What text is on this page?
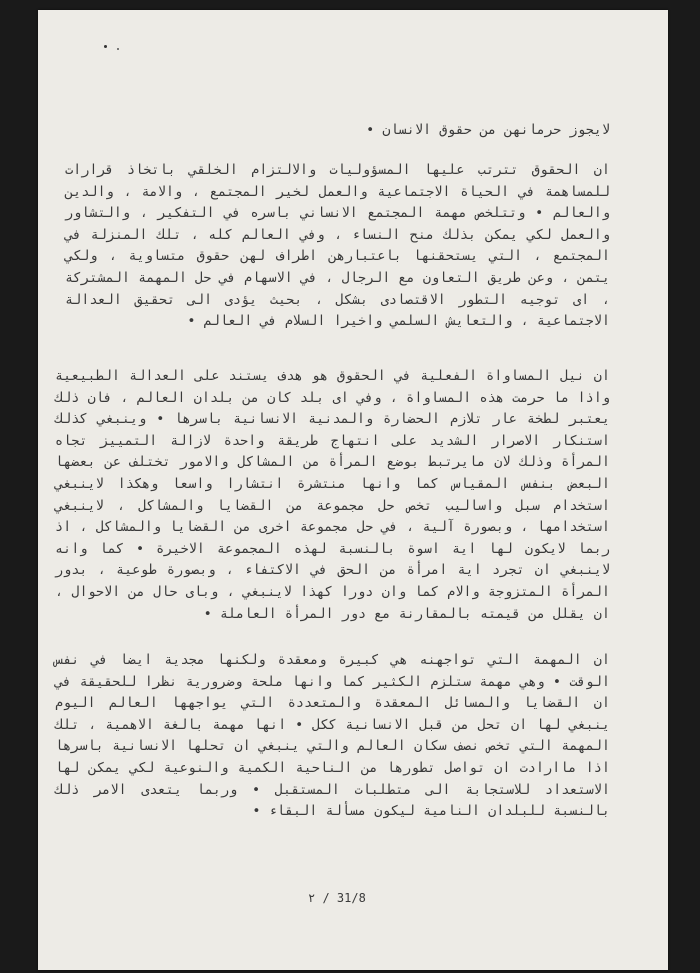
لايجوز حرمانهن من حقوق الانسان •

ان الحقوق تترتب عليها المسؤوليات والالتزام الخلقي باتخاذ قرارات للمساهمة في الحياة الاجتماعية والعمل لخير المجتمع ، والامة ، والدين والعالم • وتتلخص مهمة المجتمع الانساني باسره في التفكير ، والتشاور والعمل لكي يمكن بذلك منح النساء ، وفي العالم كله ، تلك المنزلة في المجتمع ، التي يستحقنها باعتبارهن اطراف لهن حقوق متساوية ، ولكي يتمن ، وعن طريق التعاون مع الرجال ، في الاسهام في حل المهمة المشتركة ، اى توجيه التطور الاقتصادى بشكل ، بحيث يؤدى الى تحقيق العدالة الاجتماعية ، والتعايش السلمي واخيرا السلام في العالم •

ان نيل المساواة الفعلية في الحقوق هو هدف يستند على العدالة الطبيعية واذا ما حرمت هذه المساواة ، وفي اى بلد كان من بلدان العالم ، فان ذلك يعتبر لطخة عار تلازم الحضارة والمدنية الانسانية باسرها • وينبغي كذلك استنكار الاصرار الشديد على انتهاج طريقة واحدة لازالة التمييز تجاه المرأة وذلك لان مايرتبط بوضع المرأة من المشاكل والامور تختلف عن بعضها البعض بنفس المقياس كما وانها منتشرة انتشارا واسعا وهكذا لاينبغي استخدام سبل واساليب تخص حل مجموعة من القضايا والمشاكل ، لاينبغي استخدامها ، وبصورة آلية ، في حل مجموعة اخرى من القضايا والمشاكل ، اذ ربما لايكون لها اية اسوة بالنسبة لهذه المجموعة الاخيرة • كما وانه لاينبغي ان تجرد اية امرأة من الحق في الاكتفاء ، وبصورة طوعية ، بدور المرأة المتزوجة والام كما وان دورا كهذا لاينبغي ، وباى حال من الاحوال ، ان يقلل من قيمته بالمقارنة مع دور المرأة العاملة •

ان المهمة التي تواجهنه هي كبيرة ومعقدة ولكنها مجدية ايضا في نفس الوقت • وهي مهمة ستلزم الكثير كما وانها ملحة وضرورية نظرا للحقيقة في ان القضايا والمسائل المعقدة والمتعددة التي يواجهها العالم اليوم ينبغي لها ان تحل من قبل الانسانية ككل • انها مهمة بالغة الاهمية ، تلك المهمة التي تخص نصف سكان العالم والتي ينبغي ان تحلها الانسانية باسرها اذا ماارادت ان تواصل تطورها من الناحية الكمية والنوعية لكي يمكن لها الاستعداد للاستجابة الى متطلبات المستقبل • وربما يتعدى الامر ذلك بالنسبة للبلدان النامية ليكون مسألة البقاء •

٢ / 31/8
